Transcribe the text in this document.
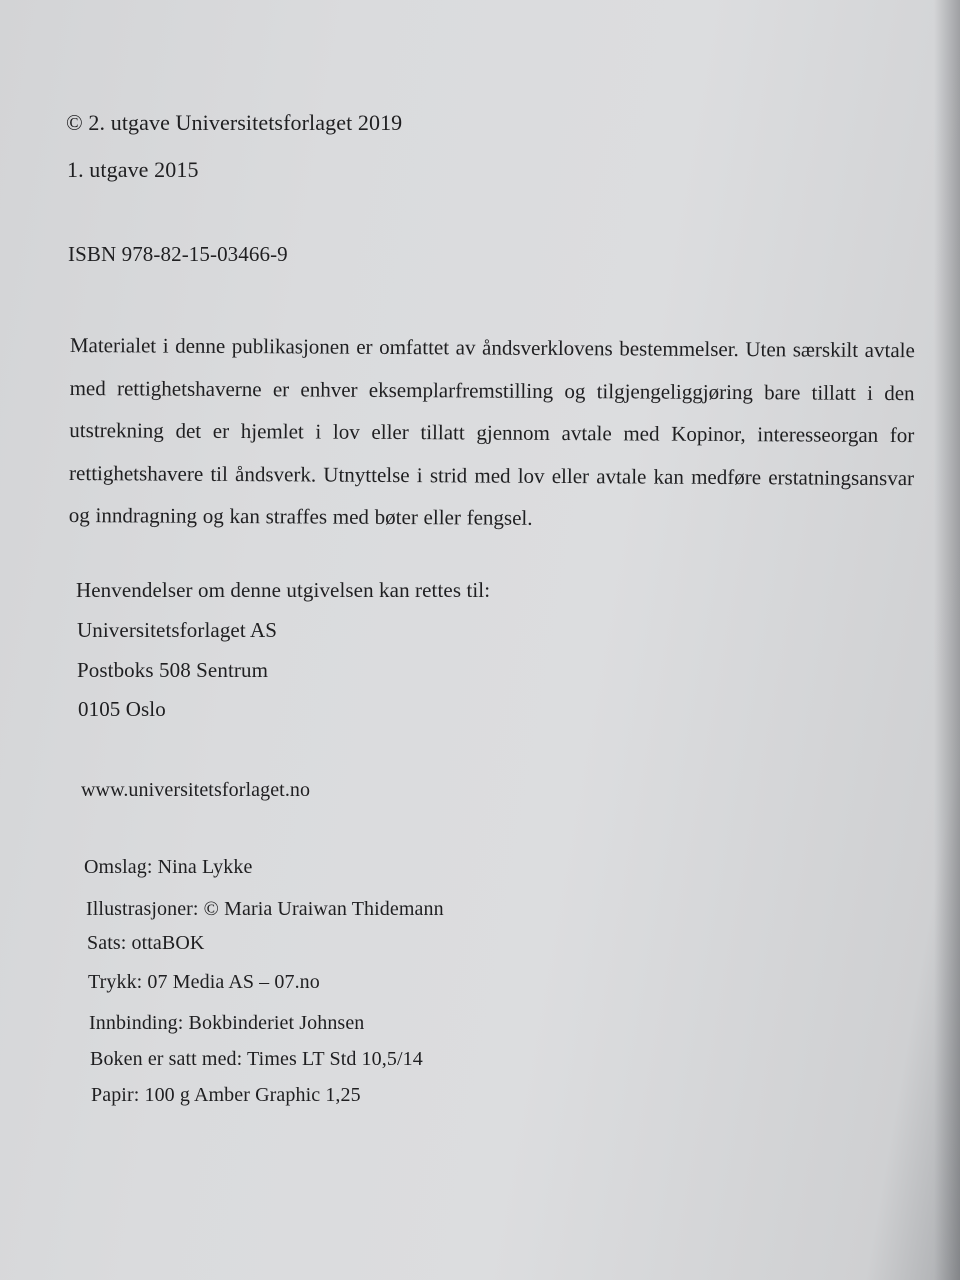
© 2. utgave Universitetsforlaget 2019
1. utgave 2015
ISBN 978-82-15-03466-9
Materialet i denne publikasjonen er omfattet av åndsverklovens bestemmelser. Uten særskilt avtale med rettighetshaverne er enhver eksemplarfremstilling og tilgjengeliggjøring bare tillatt i den utstrekning det er hjemlet i lov eller tillatt gjennom avtale med Kopinor, interesseorgan for rettighetshavere til åndsverk. Utnyttelse i strid med lov eller avtale kan medføre erstatningsansvar og inndragning og kan straffes med bøter eller fengsel.
Henvendelser om denne utgivelsen kan rettes til:
Universitetsforlaget AS
Postboks 508 Sentrum
0105 Oslo
www.universitetsforlaget.no
Omslag: Nina Lykke
Illustrasjoner: © Maria Uraiwan Thidemann
Sats: ottaBOK
Trykk: 07 Media AS – 07.no
Innbinding: Bokbinderiet Johnsen
Boken er satt med: Times LT Std 10,5/14
Papir: 100 g Amber Graphic 1,25
